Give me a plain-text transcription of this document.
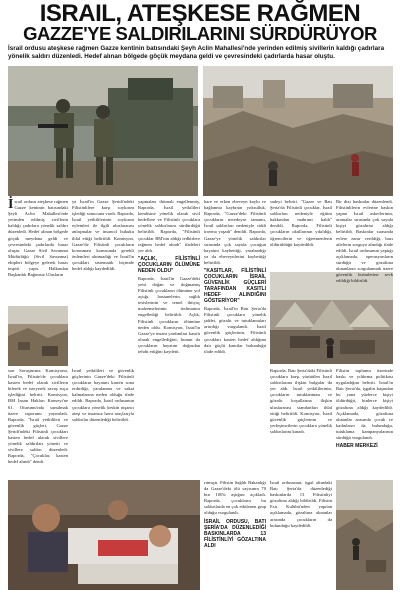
ISRAIL, ATEŞKESE RAĞMEN
GAZZE'YE SALDIRILARINI SÜRDÜRÜYOR
İsrail ordusu ateşkese rağmen Gazze kentinin batısındaki Şeyh Aclin Mahallesi'nde yerinden edilmiş sivillerin kaldığı çadırlara yönelik saldırı düzenledi. Hedef alınan bölgede göçük meydana geldi ve çevresindeki çadırlarda hasar oluştu.

İsrail ordusu ateşkese rağmen Gazze kentinin batısındaki Şeyh Aclin Mahallesi'nde yerinden edilmiş sivillerin kaldığı çadırlara yönelik saldırı düzenledi. Hedef alınan bölgede göçük meydana geldi ve çevresindeki çadırlarda hasar oluştu. Gazze Sivil Savunma Müdürlüğü (Sivil Savunma) ekipleri bölgeye gelerek hasar tespiti yaptı. Halkından Başkanlık Bağımsız Ulusların

son Soruşturma Komisyonu, İsrail'in, Filistin'de çocuklara kasten hedef olarak sivillerin bilerek ve isteyerek savaş suçu işlediğini belirtti. Komisyon, BM İnsan Hakları Konseyi'ne 61. Oturumu'nda sunulmak üzere raporunu yayımladı. Raporda, "İsrail yetkilileri ve güvenlik güçleri, Gazze Şeridi'ndeki Filistinli çocukları kasten hedef alarak sivillere yönelik saldırıları yönetti ve sivillere saldırı düzenledi. Raporda, "Çocuklar, kasten hedef alındı" dendi.

ya İsrail'in Gazze Şeridi'ndeki Filistinlilere karşı soykırım işlediği sonucuna vardı. Raporda, İsrail yetkililerinin soykırım eylemleri ile ilgili uluslararası anlaşmalar ve insancıl hukuku ihlal ettiği belirtildi. Komisyon, Gazze'de Filistinli çocukların korunması konusunda gerekli önlemleri alınmadığı ve İsrail'in çocukları sistematik biçimde hedef aldığı kaydedildi.

İsrail yetkilileri ve güvenlik güçlerinin Gazze'deki Filistinli çocukların hayatını kasten sona erdirdiği, yaralanma ve sakat kalmalarına neden olduğu ifade edildi. Raporda, İsrail ordusunun çocuklara yönelik keskin nişancı ateşi ve insansız hava araçlarıyla saldırılar düzenlediği belirtildi.

yapmaları ihtimali engellenmiş, Raporda, İsrail yetkilileri kendisine yönelik olarak sivil hedeflere ve Filistinli çocuklara yönelik saldırılarını sürdürdüğü belirtildi. Raporda, "Filistinli çocuklar BM'nin aldığı tedbirlere rağmen hedef alındı" ifadeleri yer aldı.

"AÇLIK, FİLİSTİNLİ ÇOCUKLARIN ÖLÜMÜNE NEDEN OLDU"

Raporda, İsrail'in Gazze'deki yeni doğan ve doğmamış Filistinli çocukların ölümüne yol açtığı, hastanelerin, sağlık tesislerinin ve temel ihtiyaç malzemelerinin teslimatını engellediği belirtildi. Açlık, Filistinli çocukların ölümüne neden oldu. Komisyon, İsrail'in Gazze'ye insani yardımları kasıtlı olarak engellediğini, bunun da çocukların hayatını doğrudan tehdit ettiğini kaydetti.

hare ve erken ebeveyn kaybı ve bağlanma kaybının yoksulluk, Raporda, "Gazze'deki Filistinli çocukların neredeyse tamamı, İsrail saldırıları nedeniyle ciddi travma yaşadı" denildi. Raporda, Gazze'ye yönelik saldırılar sırasında çok sayıda çocuğun hayatını kaybettiği, yaralandığı ya da ebeveynlerini kaybettiği belirtildi.

"KASITLAR, FİLİSTİNLİ ÇOCUKLARIN İSRAİL GÜVENLİK GÜÇLERİ TARAFINDAN KASITLI HEDEF ALINDIĞINI GÖSTERİYOR"

Raporda, İsrail'in Batı Şeria'da Filistinli çocuklara yönelik şiddet, gözaltı ve tutuklamaları artırdığı vurgulandı. İsrail güvenlik güçlerinin, Filistinli çocukları kasten hedef aldığına dair güçlü kanıtlar bulunduğu ifade edildi.

sadeyi belirtti. "Gazze ve Batı Şeria'da Filistinli çocuklar, İsrail saldırıları nedeniyle eğitim hakkından mahrum kaldı" denildi. Raporda, Filistinli çocukların okullarının yıkıldığı, öğrencilerin ve öğretmenlerin öldürüldüğü kaydedildi.

Raporda, Batı Şeria'daki Filistinli çocuklara karşı yürütülen İsrail saldırılarına ilişkin bulgular da yer aldı. İsrail yetkililerinin, çocukların tutuklanması ve gözaltı koşullarına ilişkin uluslararası standartları ihlal ettiği belirtildi. Komisyon, İsrail güvenlik güçlerinin ve yerleşimcilerin çocuklara yönelik saldırılarını kınadı.

Bir dizi baskınlar düzenlendi. Filistinlilerin evlerine baskın yapan İsrail askerlerinin, aramalar sırasında çok sayıda kişiyi gözaltına aldığı belirtildi. Baskınlar sırasında evlere zarar verildiği, bazı ailelerin sorguya alındığı ifade edildi. İsrail ordusunun yaptığı açıklamada, operasyonların sürdüğü ve gözaltına alınanların sorgulanmak üzere güvenlik birimlerine sevk edildiği bildirildi.

rıtmıştı. Filistin Sağlık Bakanlığı da Gazze'deki ölü sayısının 70 bin 100'ü aştığını açıkladı. Raporda, çocukların bu saldırılarda en çok etkilenen grup olduğu vurgulandı.

İSRAİL ORDUSU, BATI ŞERİA'DA DÜZENLEDİĞİ BASKINLARDA 13 FİLİSTİNLİYİ GÖZALTINA ALDI

İsrail ordusunun, işgal altındaki Batı Şeria'da düzenlediği baskınlarda 13 Filistinliyi gözaltına aldığı bildirildi. Filistin Esir Kulübü'nden yapılan açıklamada, gözaltına alınanlar arasında çocukların da bulunduğu kaydedildi.

Filistin toplumu üzerinde baskı ve yıldırma politikası uyguladığını belirtti. İsrail'in Batı Şeria'da, işgalin başından bu yana yüzlerce kişiyi öldürdüğü, binlerce kişiyi gözaltına aldığı kaydedildi. Açıklamada, gözaltına alınanlar arasında çocuk ve kadınların da bulunduğu, tutuklama kampanyalarının sürdüğü vurgulandı.

HABER MERKEZİ
